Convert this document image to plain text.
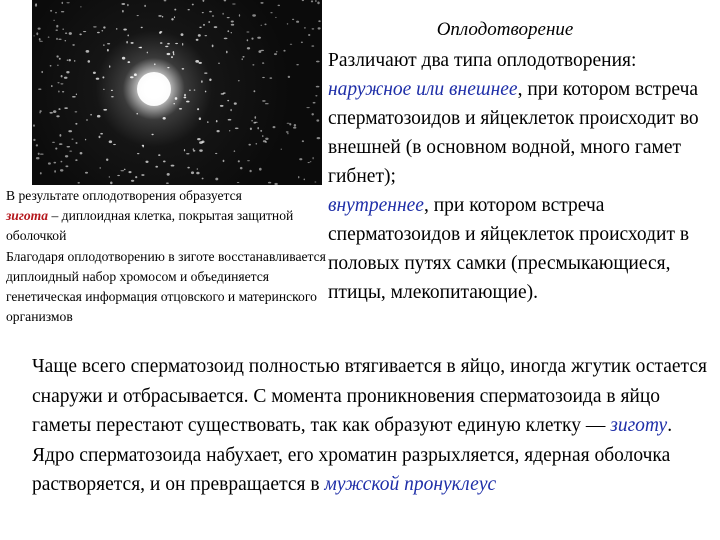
Оплодотворение

Различают два типа оплодотворения:

наружное или внешнее, при котором встреча сперматозоидов и яйцеклеток происходит во внешней (в основном водной, много гамет гибнет);

внутреннее, при котором встреча сперматозоидов и яйцеклеток происходит в половых путях самки (пресмыкающиеся, птицы, млекопитающие).

В результате оплодотворения образуется
зигота – диплоидная клетка, покрытая защитной оболочкой

Благодаря оплодотворению в зиготе восстанавливается диплоидный набор хромосом и объединяется генетическая информация отцовского и материнского организмов

Чаще всего сперматозоид полностью втягивается в яйцо, иногда жгутик остается снаружи и отбрасывается. С момента проникновения сперматозоида в яйцо гаметы перестают существовать, так как образуют единую клетку — зиготу. Ядро сперматозоида набухает, его хроматин разрыхляется, ядерная оболочка растворяется, и он превращается в мужской пронуклеус
